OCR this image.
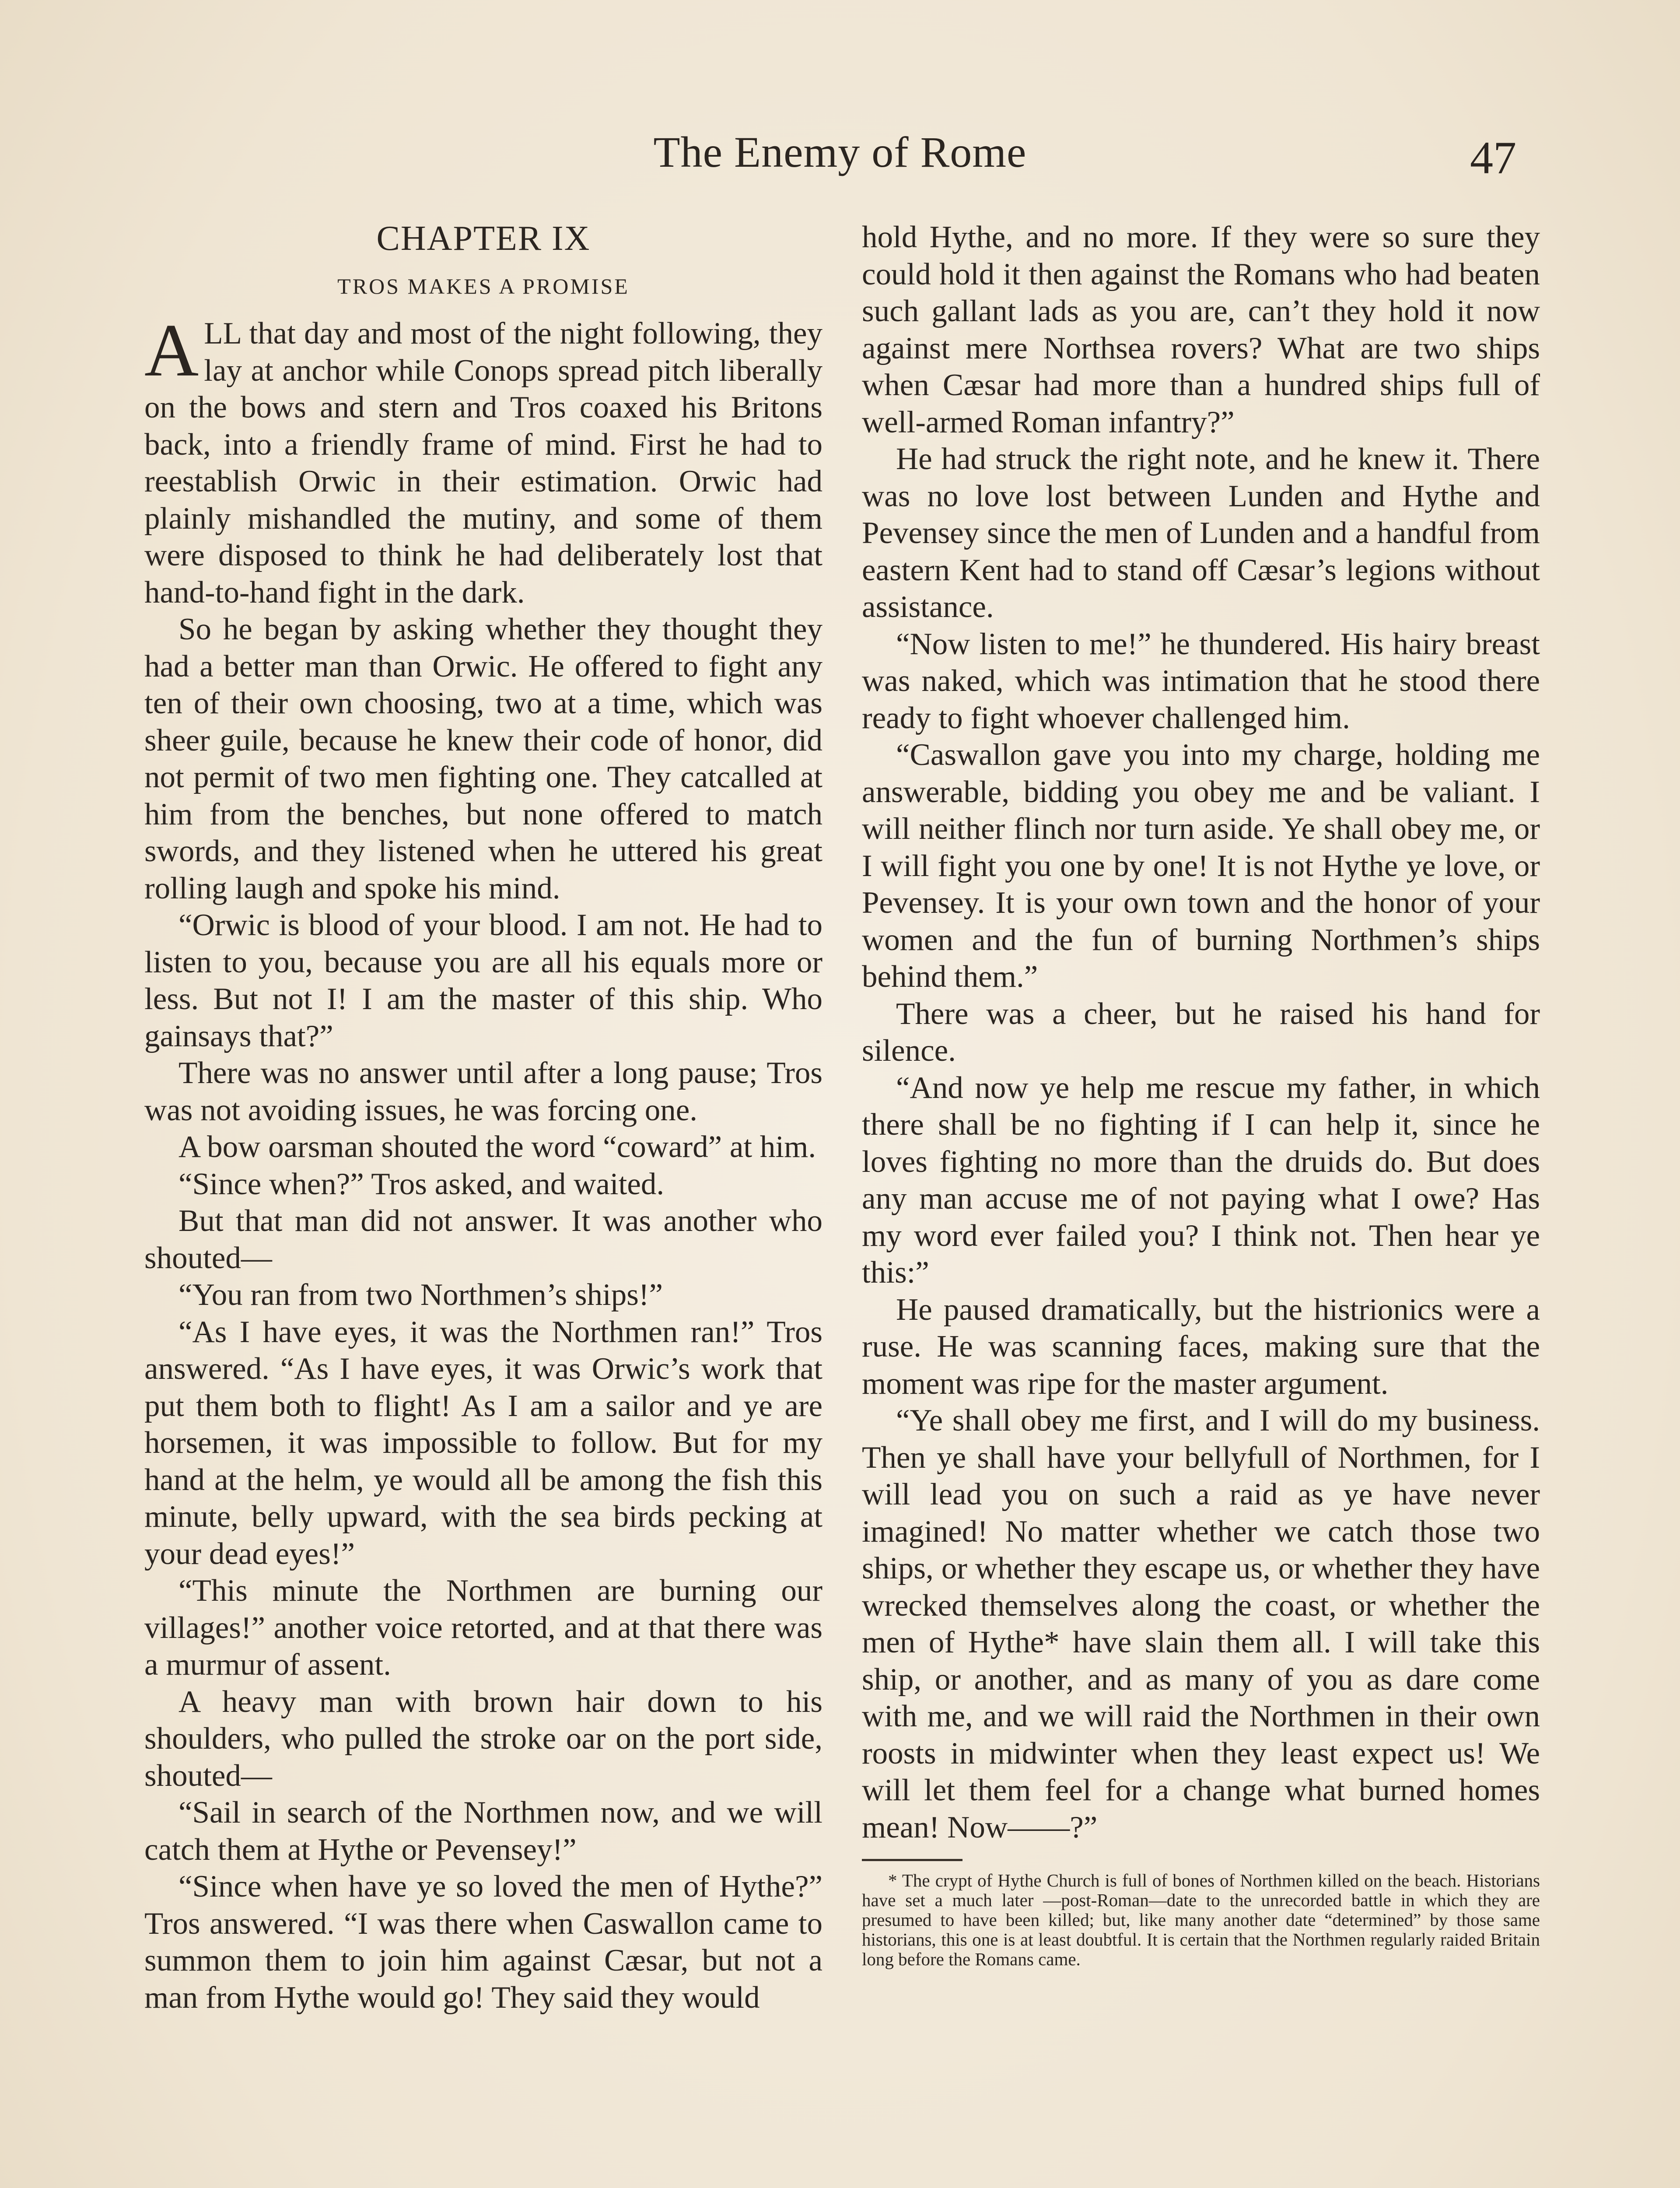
The Enemy of Rome	47
CHAPTER IX
TROS MAKES A PROMISE

ALL that day and most of the night following, they lay at anchor while Conops spread pitch liberally on the bows and stern and Tros coaxed his Britons back, into a friendly frame of mind. First he had to reestablish Orwic in their estimation. Orwic had plainly mishandled the mutiny, and some of them were disposed to think he had deliberately lost that hand-to-hand fight in the dark.

So he began by asking whether they thought they had a better man than Orwic. He offered to fight any ten of their own choosing, two at a time, which was sheer guile, because he knew their code of honor, did not permit of two men fighting one. They catcalled at him from the benches, but none offered to match swords, and they listened when he uttered his great rolling laugh and spoke his mind.

“Orwic is blood of your blood. I am not. He had to listen to you, because you are all his equals more or less. But not I! I am the master of this ship. Who gainsays that?”

There was no answer until after a long pause; Tros was not avoiding issues, he was forcing one.

A bow oarsman shouted the word “coward” at him.

“Since when?” Tros asked, and waited.

But that man did not answer. It was another who shouted—

“You ran from two Northmen’s ships!”

“As I have eyes, it was the Northmen ran!” Tros answered. “As I have eyes, it was Orwic’s work that put them both to flight! As I am a sailor and ye are horsemen, it was impossible to follow. But for my hand at the helm, ye would all be among the fish this minute, belly upward, with the sea birds pecking at your dead eyes!”

“This minute the Northmen are burning our villages!” another voice retorted, and at that there was a murmur of assent.

A heavy man with brown hair down to his shoulders, who pulled the stroke oar on the port side, shouted—

“Sail in search of the Northmen now, and we will catch them at Hythe or Pevensey!”

“Since when have ye so loved the men of Hythe?” Tros answered. “I was there when Caswallon came to summon them to join him against Cæsar, but not a man from Hythe would go! They said they would

hold Hythe, and no more. If they were so sure they could hold it then against the Romans who had beaten such gallant lads as you are, can’t they hold it now against mere Northsea rovers? What are two ships when Cæsar had more than a hundred ships full of well-armed Roman infantry?”

He had struck the right note, and he knew it. There was no love lost between Lunden and Hythe and Pevensey since the men of Lunden and a handful from eastern Kent had to stand off Cæsar’s legions without assistance.

“Now listen to me!” he thundered. His hairy breast was naked, which was intimation that he stood there ready to fight whoever challenged him.

“Caswallon gave you into my charge, holding me answerable, bidding you obey me and be valiant. I will neither flinch nor turn aside. Ye shall obey me, or I will fight you one by one! It is not Hythe ye love, or Pevensey. It is your own town and the honor of your women and the fun of burning Northmen’s ships behind them.”

There was a cheer, but he raised his hand for silence.

“And now ye help me rescue my father, in which there shall be no fighting if I can help it, since he loves fighting no more than the druids do. But does any man accuse me of not paying what I owe? Has my word ever failed you? I think not. Then hear ye this:”

He paused dramatically, but the histrionics were a ruse. He was scanning faces, making sure that the moment was ripe for the master argument.

“Ye shall obey me first, and I will do my business. Then ye shall have your bellyfull of Northmen, for I will lead you on such a raid as ye have never imagined! No matter whether we catch those two ships, or whether they escape us, or whether they have wrecked themselves along the coast, or whether the men of Hythe* have slain them all. I will take this ship, or another, and as many of you as dare come with me, and we will raid the Northmen in their own roosts in midwinter when they least expect us! We will let them feel for a change what burned homes mean! Now——?”

* The crypt of Hythe Church is full of bones of Northmen killed on the beach. Historians have set a much later —post-Roman—date to the unrecorded battle in which they are presumed to have been killed; but, like many another date “determined” by those same historians, this one is at least doubtful. It is certain that the Northmen regularly raided Britain long before the Romans came.
